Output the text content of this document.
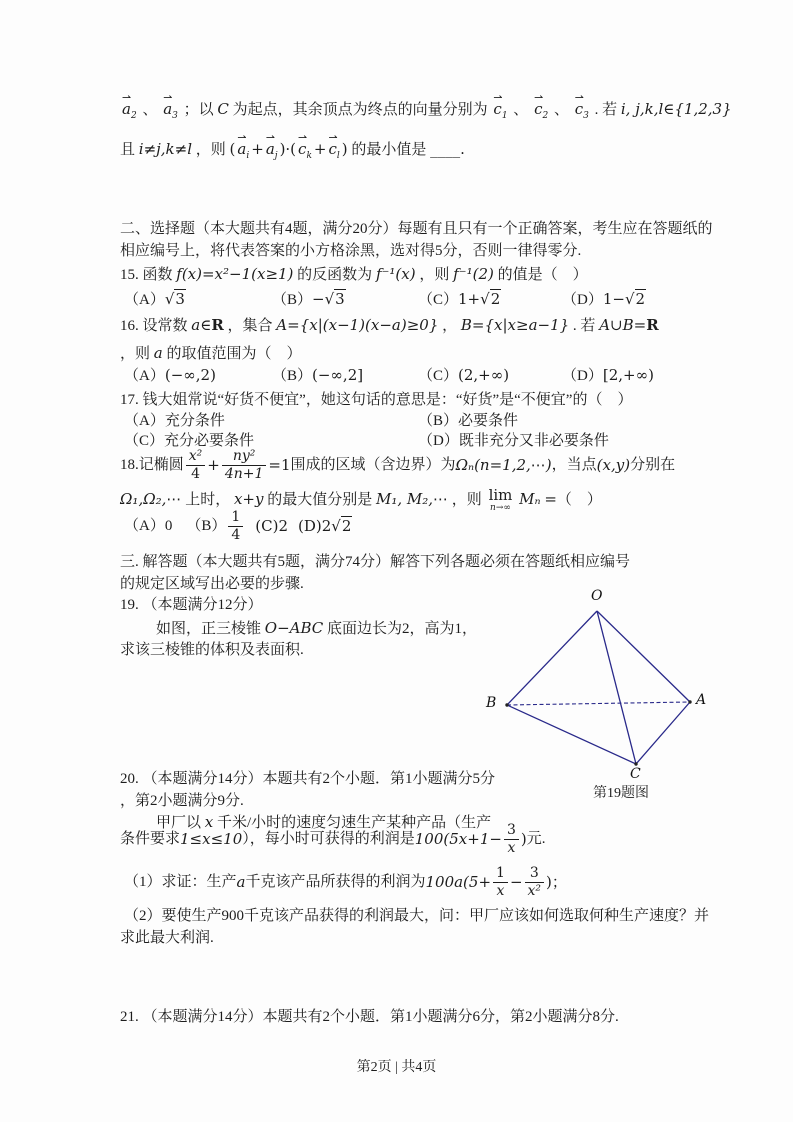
⇀ $a_2$ 、 ⇀ $a_3$ ；以 C 为起点，其余顶点为终点的向量分别为 ⇀ $c_1$ 、 ⇀ $c_2$ 、 ⇀ $c_3$ . 若 i, j,k,l∈{1,2,3}
且 i≠j,k≠l ，则 ( ⇀ $a_i$ + ⇀ $a_j$ )·( ⇀ $c_k$ + ⇀ $c_l$ ) 的最小值是 ____.
二、选择题（本大题共有4题，满分20分）每题有且只有一个正确答案，考生应在答题纸的
相应编号上，将代表答案的小方格涂黑，选对得5分，否则一律得零分.
15. 函数 f(x)=x²−1(x≥1) 的反函数为 f⁻¹(x) ，则 f⁻¹(2) 的值是（　）
（A） √ 3	（B）− √ 3	（C）1+ √ 2	（D）1− √ 2
16. 设常数 a∈R ，集合 A={x|(x−1)(x−a)≥0} ， B={x|x≥a−1} . 若 A∪B=R
，则 a 的取值范围为（　）
（A）(−∞,2)	（B）(−∞,2]	（C）(2,+∞)	（D）[2,+∞)
17. 钱大姐常说“好货不便宜”，她这句话的意思是：“好货”是“不便宜”的（　）
（A）充分条件	（B）必要条件
（C）充分必要条件	（D）既非充分又非必要条件
18. 记椭圆 $\frac{\text{x²}}{4} + \frac{\text{ny²}}{4n+1} =1$ 围成的区域（含边界）为 Ωₙ(n=1,2,⋯) ，当点 (x,y) 分别在
Ω₁,Ω₂,⋯ 上时， x+y 的最大值分别是 M₁, M₂,⋯ ，则 lim
n→∞
Mₙ =（　）
（A）0 $(B) \frac{1}{4} (C)2$ (D) 2 √ 2
三. 解答题（本大题共有5题，满分74分）解答下列各题必须在答题纸相应编号
的规定区域写出必要的步骤.
19. （本题满分12分）
如图，正三棱锥 O−ABC 底面边长为2，高为1，
求该三棱锥的体积及表面积.
O
B	A
C
第19题图
20. （本题满分14分）本题共有2个小题．第1小题满分5分
，第2小题满分9分.
甲厂以 x 千米/小时的速度匀速生产某种产品（生产
条件要求 1≤x≤10 ），每小时可获得的利润是 $100(5x+1- \frac{3}{x}$ ) 元.
（1）求证：生产 a 千克该产品所获得的利润为 $100a(5+ \frac{1}{x} - \frac{3}{\text{x²}}$ )；
（2）要使生产900千克该产品获得的利润最大，问：甲厂应该如何选取何种生产速度？并
求此最大利润.
21. （本题满分14分）本题共有2个小题．第1小题满分6分，第2小题满分8分.
第2页 | 共4页
